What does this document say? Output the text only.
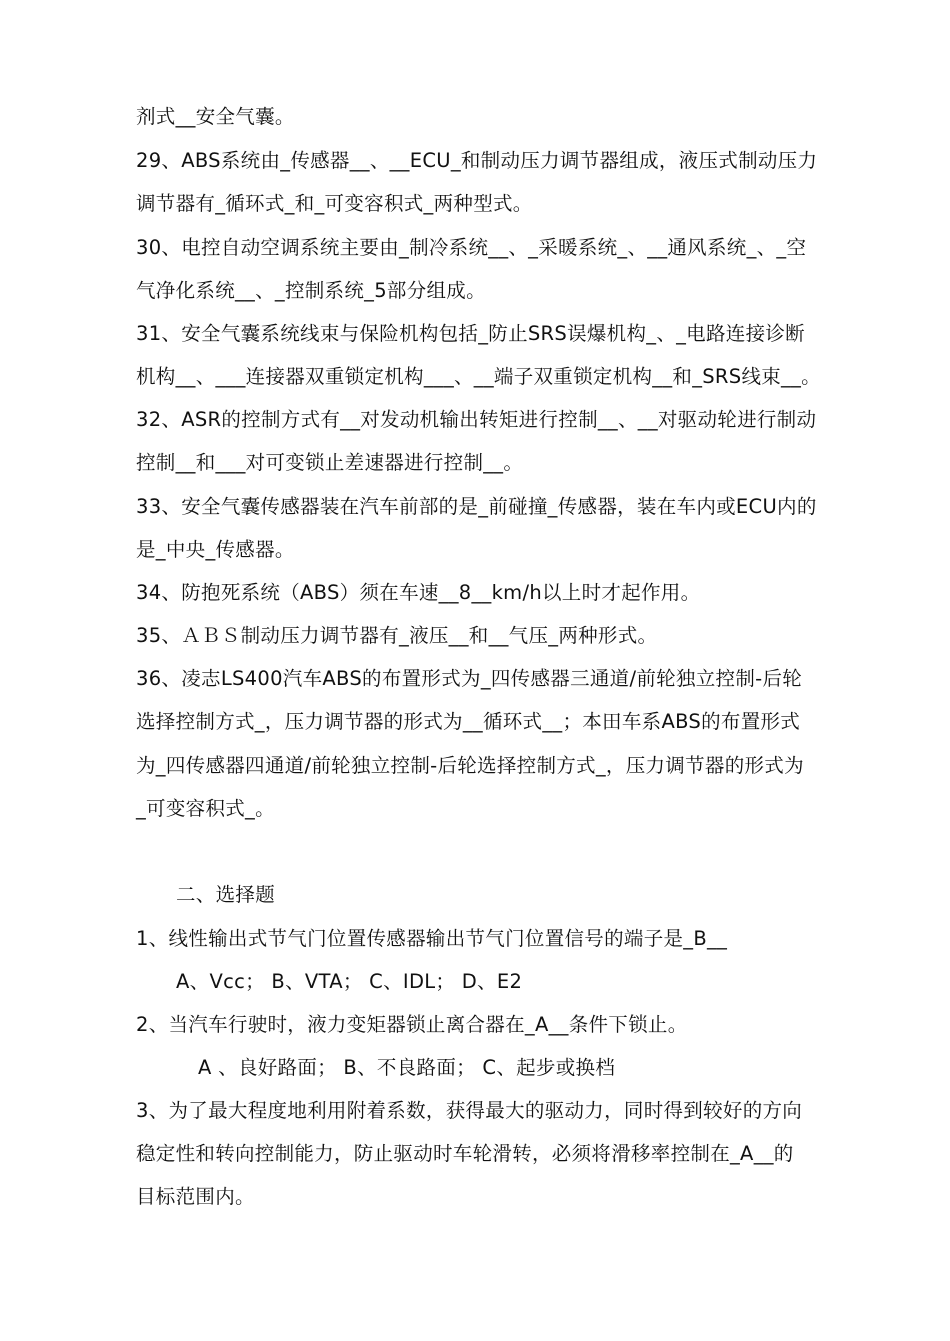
剂式__安全气囊。
29、ABS系统由_传感器__、__ECU_和制动压力调节器组成，液压式制动压力
调节器有_循环式_和_可变容积式_两种型式。
30、电控自动空调系统主要由_制冷系统__、_采暖系统_、__通风系统_、_空
气净化系统__、_控制系统_5部分组成。
31、安全气囊系统线束与保险机构包括_防止SRS误爆机构_、_电路连接诊断
机构__、___连接器双重锁定机构___、__端子双重锁定机构__和_SRS线束__。
32、ASR的控制方式有__对发动机输出转矩进行控制__、__对驱动轮进行制动
控制__和___对可变锁止差速器进行控制__。
33、安全气囊传感器装在汽车前部的是_前碰撞_传感器，装在车内或ECU内的
是_中央_传感器。
34、防抱死系统（ABS）须在车速__8__km/h以上时才起作用。
35、ＡＢＳ制动压力调节器有_液压__和__气压_两种形式。
36、凌志LS400汽车ABS的布置形式为_四传感器三通道/前轮独立控制-后轮
选择控制方式_，压力调节器的形式为__循环式__；本田车系ABS的布置形式
为_四传感器四通道/前轮独立控制-后轮选择控制方式_，压力调节器的形式为
_可变容积式_。
二、选择题
1、线性输出式节气门位置传感器输出节气门位置信号的端子是_B__
A、Vcc； B、VTA； C、IDL； D、E2
2、当汽车行驶时，液力变矩器锁止离合器在_A__条件下锁止。
A 、良好路面； B、不良路面； C、起步或换档
3、为了最大程度地利用附着系数，获得最大的驱动力，同时得到较好的方向
稳定性和转向控制能力，防止驱动时车轮滑转，必须将滑移率控制在_A__的
目标范围内。
